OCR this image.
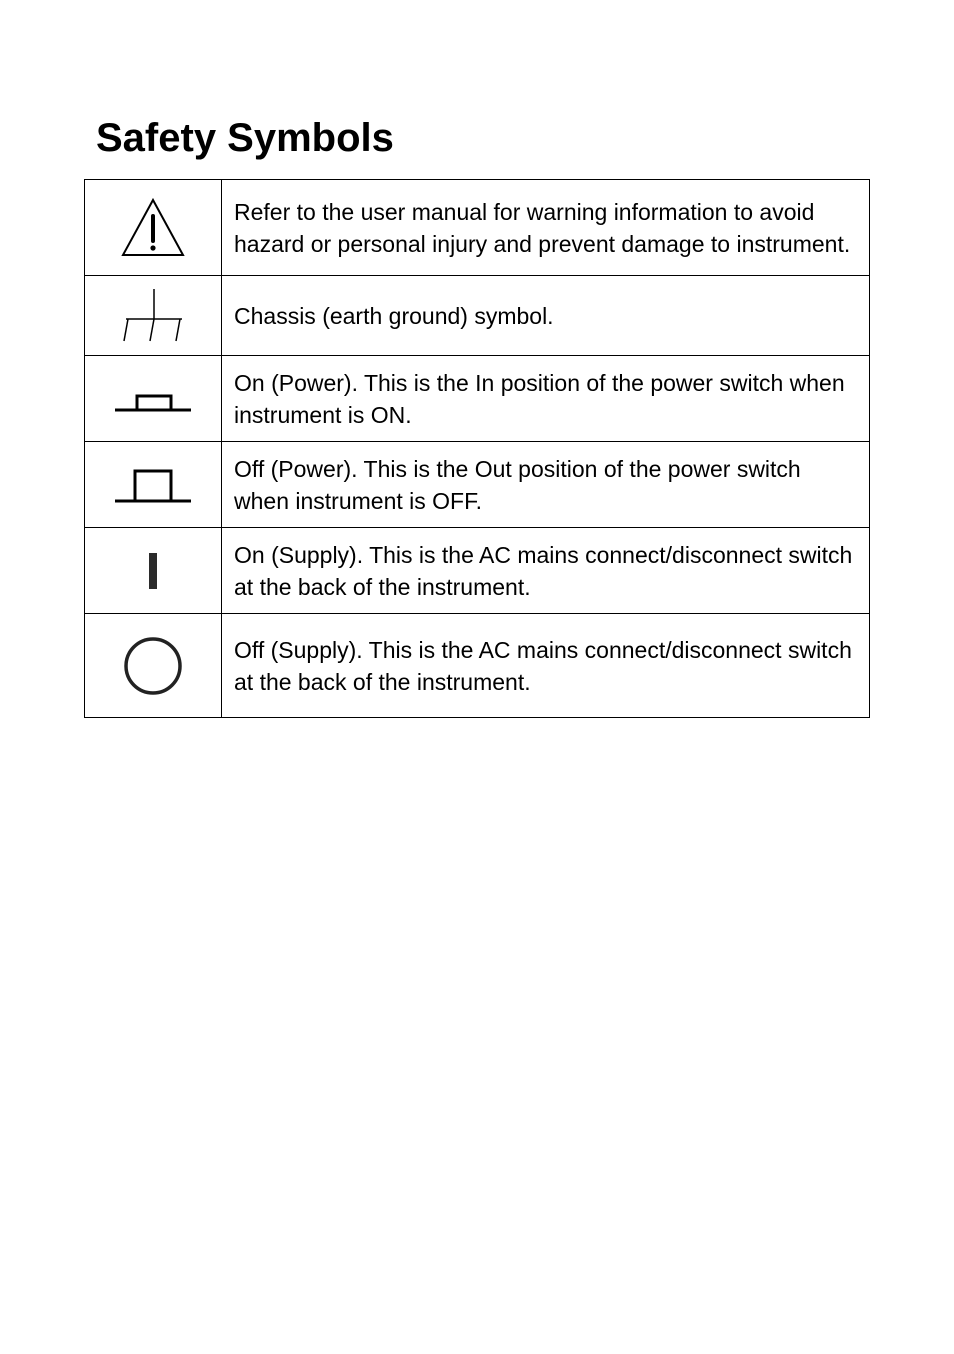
Safety Symbols
	Refer to the user manual for warning information to avoid hazard or personal injury and prevent damage to instrument.

	Chassis (earth ground) symbol.

	On (Power). This is the In position of the power switch when instrument is ON.

	Off (Power). This is the Out position of the power switch when instrument is OFF.

	On (Supply). This is the AC mains connect/disconnect switch at the back of the instrument.

	Off (Supply). This is the AC mains connect/disconnect switch at the back of the instrument.
